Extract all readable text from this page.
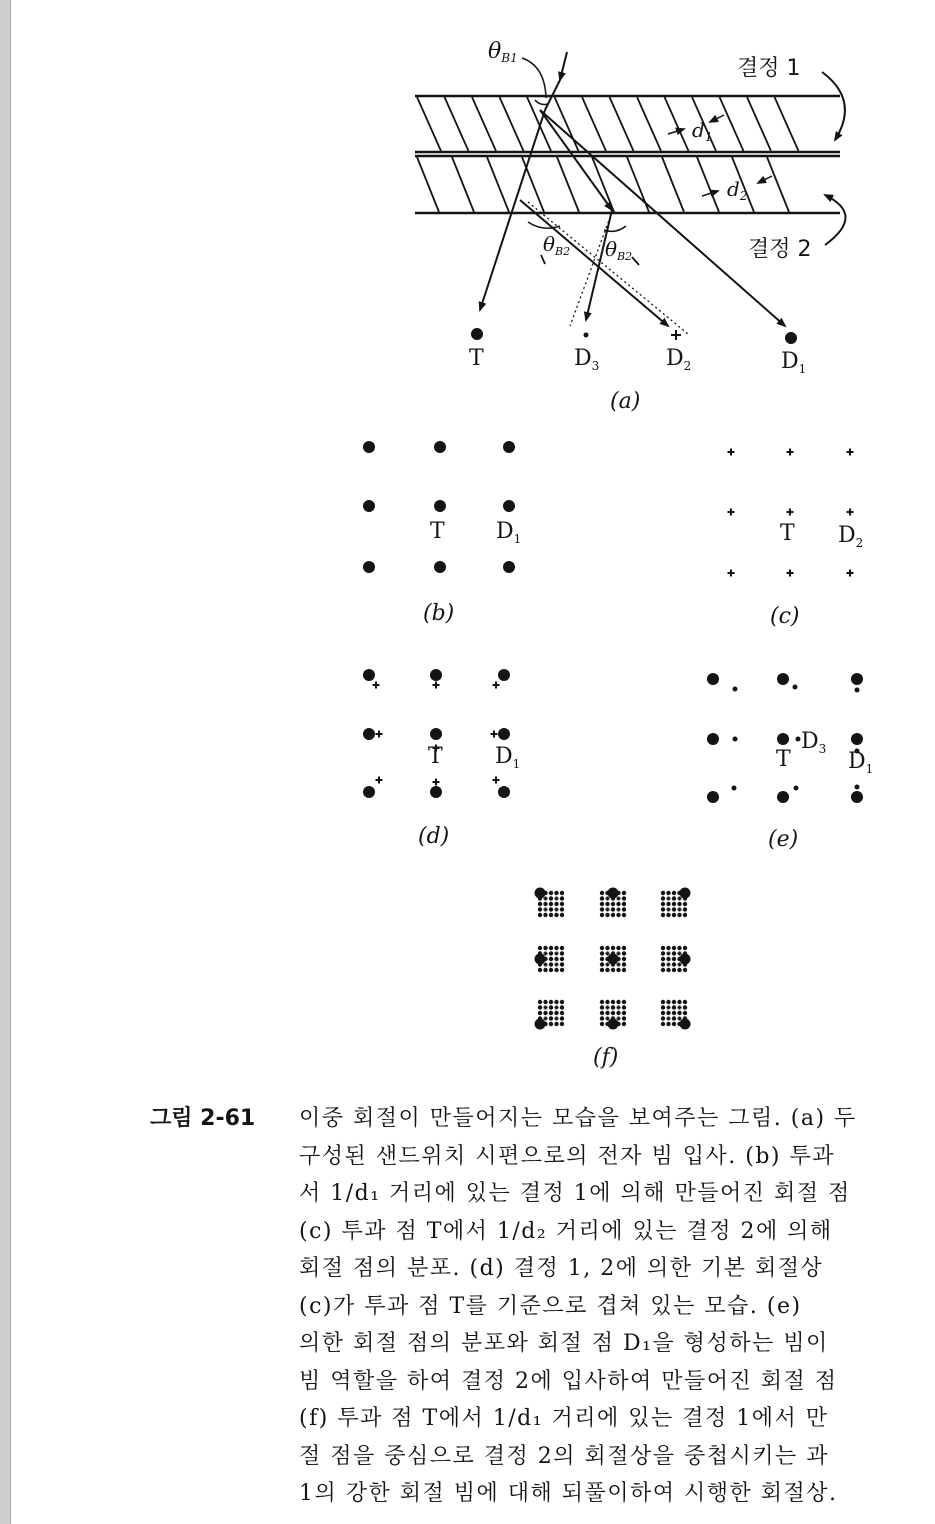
θB1	결정 1
$d_1$
$d_2$
결정 2
$\theta_{B2}$ $\theta_{B2}$
T	$D_3$	$D_2$	$D_1$
(a)
T $D_1$
(b)
T $D_2$
(c)
T $D_1$
(d)
T
$D_3$ $D_1$
(e)
(f)
그림 2-61 이중 회절이 만들어지는 모습을 보여주는 그림. (a) 두
구성된 샌드위치 시편으로의 전자 빔 입사. (b) 투과
서 1/d₁ 거리에 있는 결정 1에 의해 만들어진 회절 점
(c) 투과 점 T에서 1/d₂ 거리에 있는 결정 2에 의해
회절 점의 분포. (d) 결정 1, 2에 의한 기본 회절상
(c)가 투과 점 T를 기준으로 겹쳐 있는 모습. (e)
의한 회절 점의 분포와 회절 점 D₁을 형성하는 빔이
빔 역할을 하여 결정 2에 입사하여 만들어진 회절 점
(f) 투과 점 T에서 1/d₁ 거리에 있는 결정 1에서 만
절 점을 중심으로 결정 2의 회절상을 중첩시키는 과
1의 강한 회절 빔에 대해 되풀이하여 시행한 회절상.
